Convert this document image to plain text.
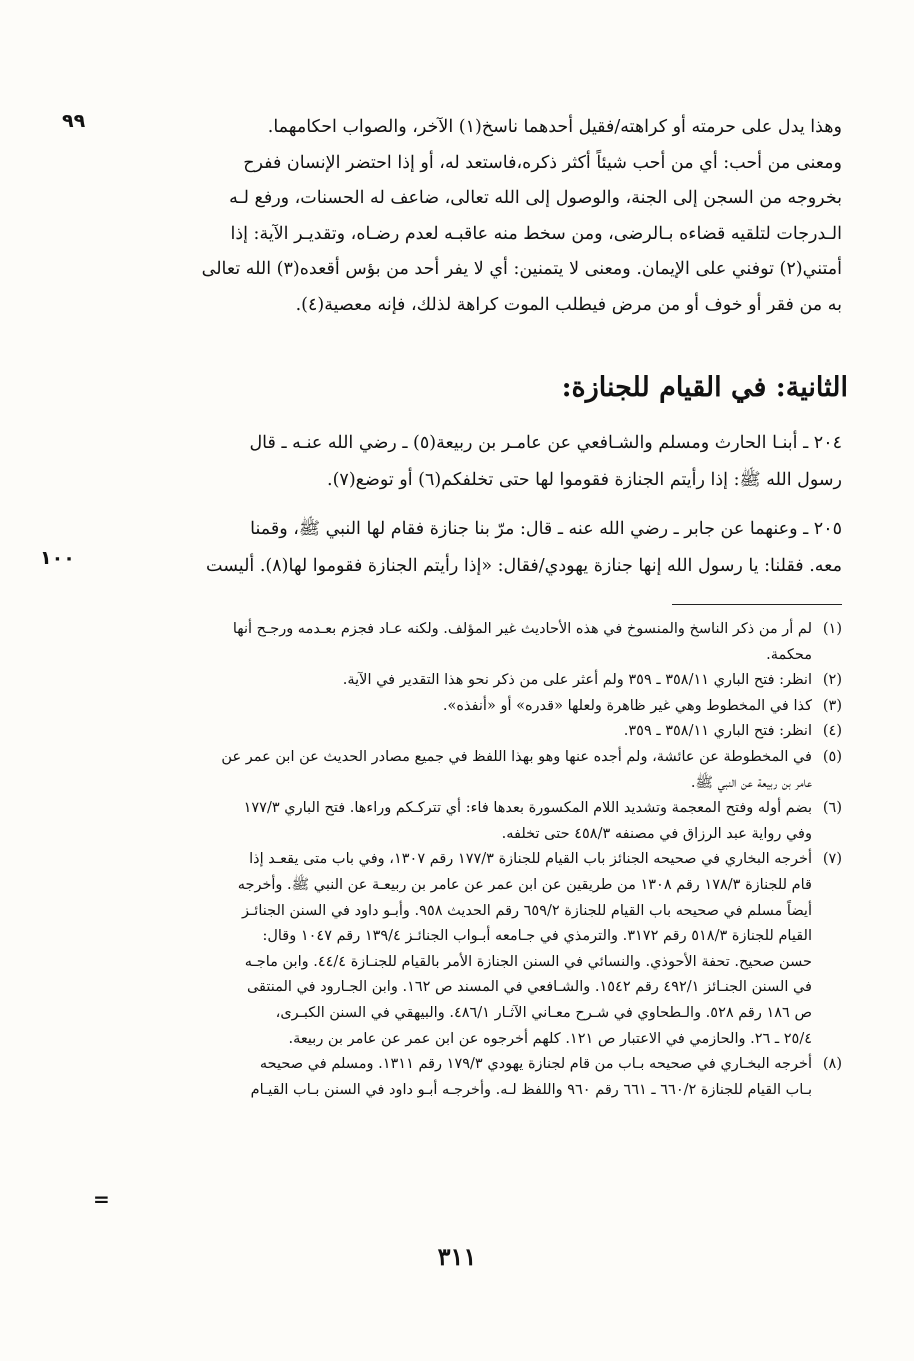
٩٩
١٠٠

وهذا يدل على حرمته أو كراهته/فقيل أحدهما ناسخ(١) الآخر، والصواب احكامهما.

ومعنى من أحب: أي من أحب شيئاً أكثر ذكره،فاستعد له، أو إذا احتضر الإنسان ففرح

بخروجه من السجن إلى الجنة، والوصول إلى الله تعالى، ضاعف له الحسنات، ورفع لـه

الـدرجات لتلقيه قضاءه بـالرضى، ومن سخط منه عاقبـه لعدم رضـاه، وتقديـر الآية: إذا

أمتني(٢) توفني على الإيمان. ومعنى لا يتمنين: أي لا يفر أحد من بؤس أقعده(٣) الله تعالى

به من فقر أو خوف أو من مرض فيطلب الموت كراهة لذلك، فإنه معصية(٤).

الثانية: في القيام للجنازة:

٢٠٤ ـ أبنـا الحارث ومسلم والشـافعي عن عامـر بن ربيعة(٥) ـ رضي الله عنـه ـ قال

رسول الله ﷺ: إذا رأيتم الجنازة فقوموا لها حتى تخلفكم(٦) أو توضع(٧).

٢٠٥ ـ وعنهما عن جابر ـ رضي الله عنه ـ قال: مرّ بنا جنازة فقام لها النبي ﷺ، وقمنا

معه. فقلنا: يا رسول الله إنها جنازة يهودي/فقال: «إذا رأيتم الجنازة فقوموا لها(٨). أليست

(١)
لم أر من ذكر الناسخ والمنسوخ في هذه الأحاديث غير المؤلف. ولكنه عـاد فجزم بعـدمه ورجـح أنها
محكمة.
(٢)
انظر: فتح الباري ٣٥٨/١١ ـ ٣٥٩ ولم أعثر على من ذكر نحو هذا التقدير في الآية.
(٣)
كذا في المخطوط وهي غير ظاهرة ولعلها «قدره» أو «أنفذه».
(٤)
انظر: فتح الباري ٣٥٨/١١ ـ ٣٥٩.
(٥)
في المخطوطة عن عائشة، ولم أجده عنها وهو بهذا اللفظ في جميع مصادر الحديث عن ابن عمر عن
عامر بن ربيعة عن النبي ﷺ.
(٦)
بضم أوله وفتح المعجمة وتشديد اللام المكسورة بعدها فاء: أي تتركـكم وراءها. فتح الباري ١٧٧/٣
وفي رواية عبد الرزاق في مصنفه ٤٥٨/٣ حتى تخلفه.
(٧)
أخرجه البخاري في صحيحه الجنائز باب القيام للجنازة ١٧٧/٣ رقم ١٣٠٧، وفي باب متى يقعـد إذا
قام للجنازة ١٧٨/٣ رقم ١٣٠٨ من طريقين عن ابن عمر عن عامر بن ربيعـة عن النبي ﷺ. وأخرجه
أيضاً مسلم في صحيحه باب القيام للجنازة ٦٥٩/٢ رقم الحديث ٩٥٨. وأبـو داود في السنن الجنائـز
القيام للجنازة ٥١٨/٣ رقم ٣١٧٢. والترمذي في جـامعه أبـواب الجنائـز ١٣٩/٤ رقم ١٠٤٧ وقال:
حسن صحيح. تحفة الأحوذي. والنسائي في السنن الجنازة الأمر بالقيام للجنـازة ٤٤/٤. وابن ماجـه
في السنن الجنـائز ٤٩٢/١ رقم ١٥٤٢. والشـافعي في المسند ص ١٦٢. وابن الجـارود في المنتقى
ص ١٨٦ رقم ٥٢٨. والـطحاوي في شـرح معـاني الآثـار ٤٨٦/١. والبيهقي في السنن الكبـرى،
٢٥/٤ ـ ٢٦. والحازمي في الاعتبار ص ١٢١. كلهم أخرجوه عن ابن عمر عن عامر بن ربيعة.
(٨)
أخرجه البخـاري في صحيحه بـاب من قام لجنازة يهودي ١٧٩/٣ رقم ١٣١١. ومسلم في صحيحه
بـاب القيام للجنازة ٦٦٠/٢ ـ ٦٦١ رقم ٩٦٠ واللفظ لـه. وأخرجـه أبـو داود في السنن بـاب القيـام
=
٣١١
